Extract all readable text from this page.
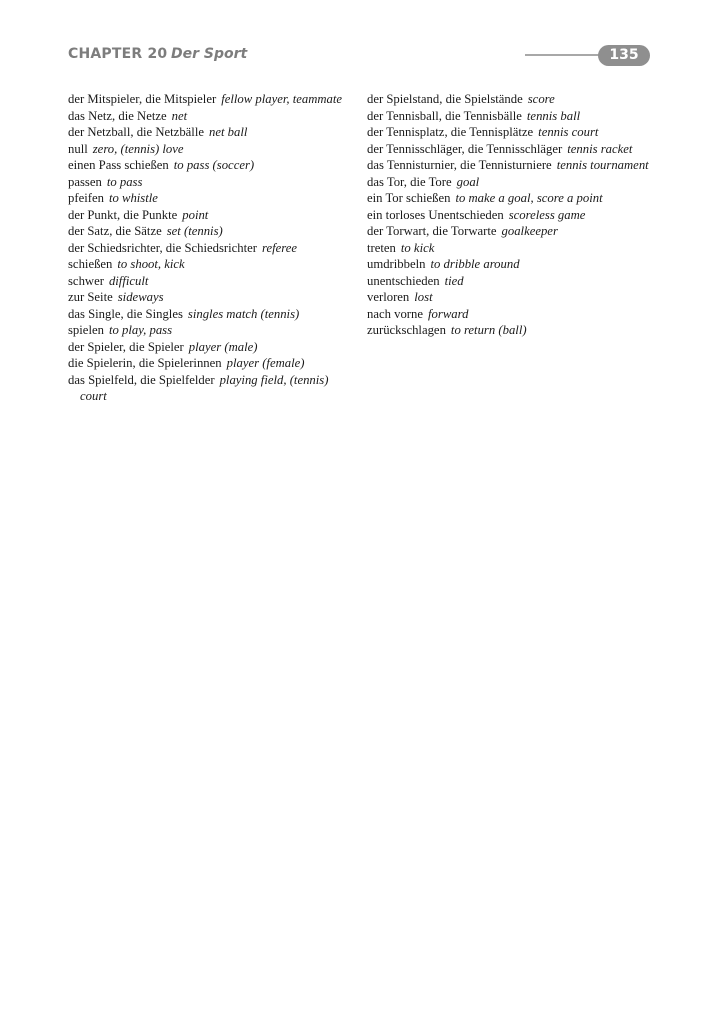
CHAPTER 20 Der Sport	135

der Mitspieler, die Mitspieler fellow player, teammate

das Netz, die Netze net

der Netzball, die Netzbälle net ball

null zero, (tennis) love

einen Pass schießen to pass (soccer)

passen to pass

pfeifen to whistle

der Punkt, die Punkte point

der Satz, die Sätze set (tennis)

der Schiedsrichter, die Schiedsrichter referee

schießen to shoot, kick

schwer difficult

zur Seite sideways

das Single, die Singles singles match (tennis)

spielen to play, pass

der Spieler, die Spieler player (male)

die Spielerin, die Spielerinnen player (female)

das Spielfeld, die Spielfelder playing field, (tennis) court

der Spielstand, die Spielstände score

der Tennisball, die Tennisbälle tennis ball

der Tennisplatz, die Tennisplätze tennis court

der Tennisschläger, die Tennisschläger tennis racket

das Tennisturnier, die Tennisturniere tennis tournament

das Tor, die Tore goal

ein Tor schießen to make a goal, score a point

ein torloses Unentschieden scoreless game

der Torwart, die Torwarte goalkeeper

treten to kick

umdribbeln to dribble around

unentschieden tied

verloren lost

nach vorne forward

zurückschlagen to return (ball)
